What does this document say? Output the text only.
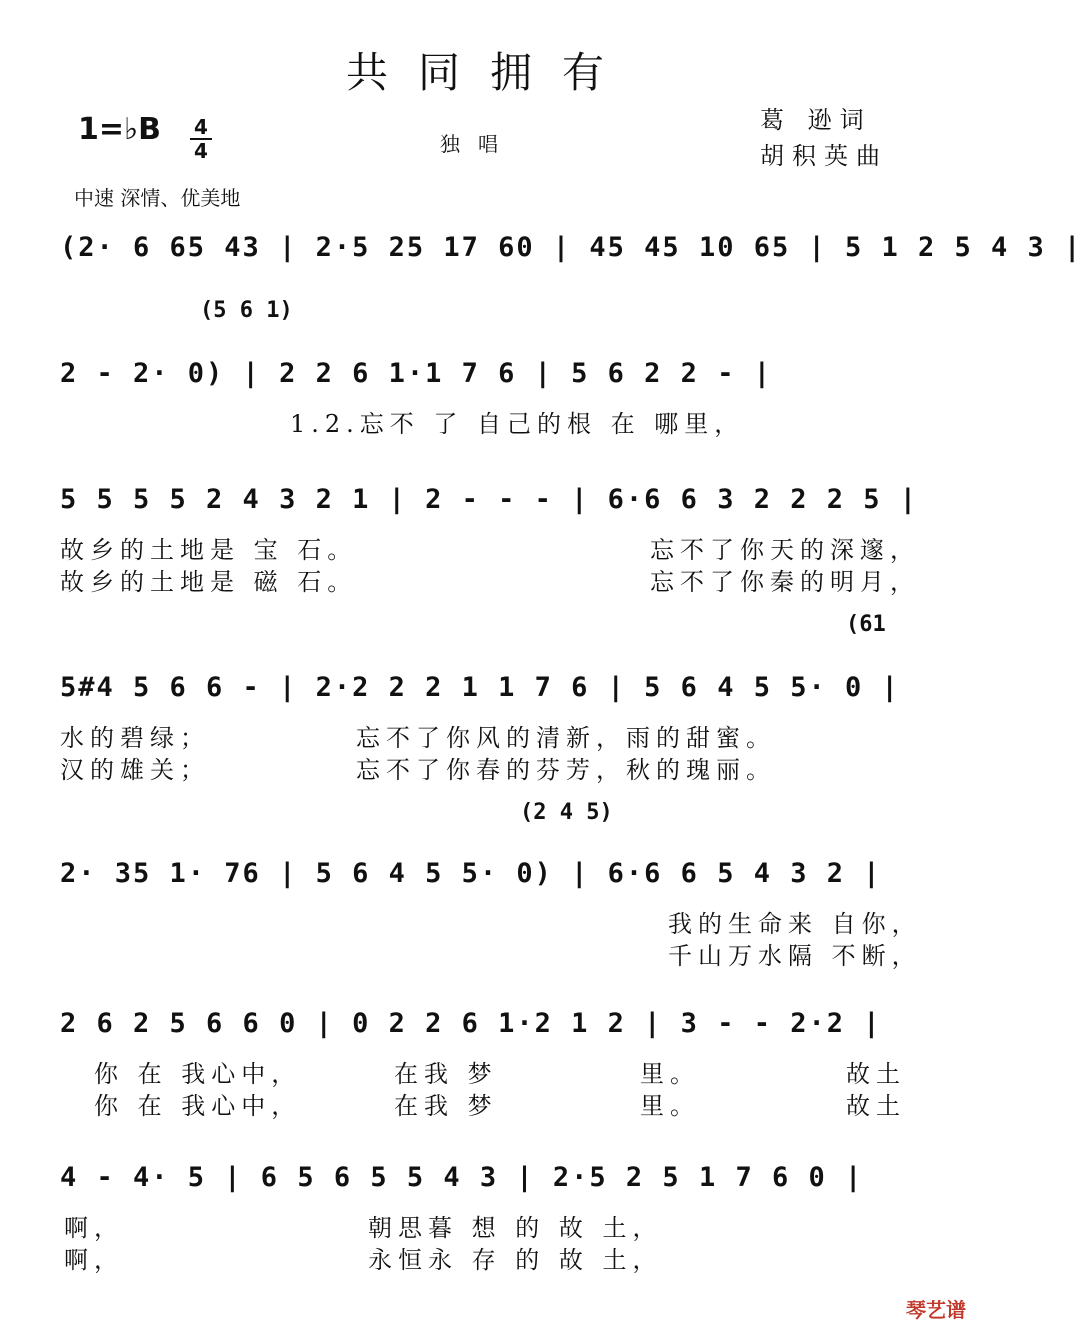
共同拥有
1=♭B 4
4	独唱
葛 逊词
胡积英曲
中速 深情、优美地
(2· 6 65 43 | 2·5 25 17 60 | 45 45 10 65 | 5 1 2 5 4 3 |
(5 6 1)
2 - 2· 0) | 2 2 6 1·1 7 6 | 5 6 2 2 - |
1.2.忘不 了 自己的根 在 哪里，
5 5 5 5 2 4 3 2 1 | 2 - - - | 6·6 6 3 2 2 2 5 |
故乡的土地是 宝 石。
故乡的土地是 磁 石。
忘不了你天的深邃，
忘不了你秦的明月，
(61
5#4 5 6 6 - | 2·2 2 2 1 1 7 6 | 5 6 4 5 5· 0 |
水的碧绿；
汉的雄关；
忘不了你风的清新，雨的甜蜜。
忘不了你春的芬芳，秋的瑰丽。
(2 4 5)
2· 35 1· 76 | 5 6 4 5 5· 0) | 6·6 6 5 4 3 2 |
我的生命来 自你，
千山万水隔 不断，
2 6 2 5 6 6 0 | 0 2 2 6 1·2 1 2 | 3 - - 2·2 |
你 在 我心中，
你 在 我心中，
在我 梦
在我 梦
里。
里。
故土
故土
4 - 4· 5 | 6 5 6 5 5 4 3 | 2·5 2 5 1 7 6 0 |
啊，
啊，
朝思暮 想 的 故 土，
永恒永 存 的 故 土，
琴艺谱
